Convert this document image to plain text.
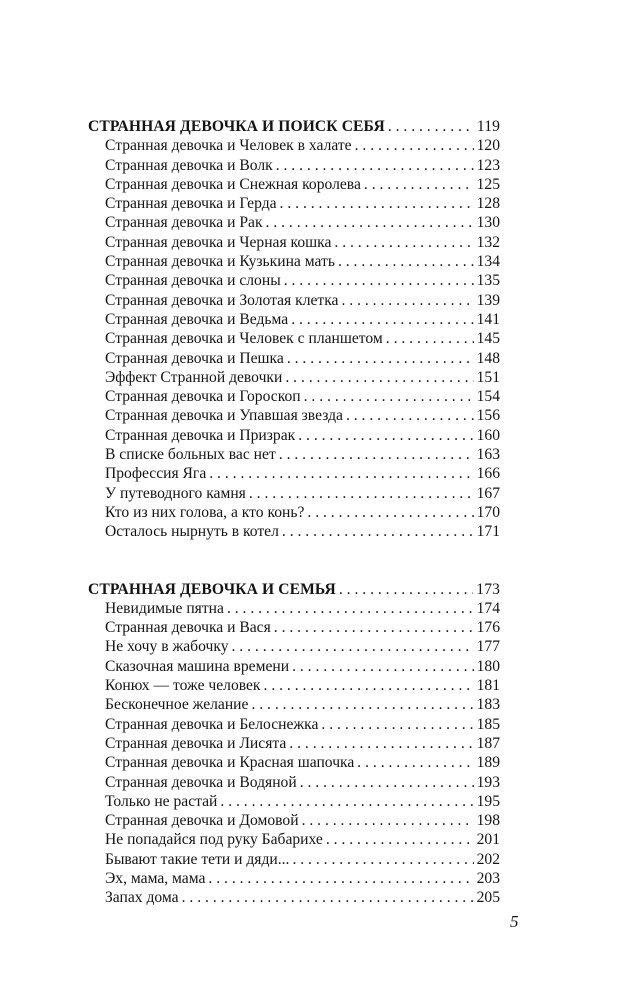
СТРАННАЯ ДЕВОЧКА И ПОИСК СЕБЯ . . .	119
Странная девочка и Человек в халате . . .	120
Странная девочка и Волк . . .	123
Странная девочка и Снежная королева . . .	125
Странная девочка и Герда . . .	128
Странная девочка и Рак . . .	130
Странная девочка и Черная кошка . . .	132
Странная девочка и Кузькина мать . . .	134
Странная девочка и слоны . . .	135
Странная девочка и Золотая клетка . . .	139
Странная девочка и Ведьма . . .	141
Странная девочка и Человек с планшетом . . .	145
Странная девочка и Пешка . . .	148
Эффект Странной девочки . . .	151
Странная девочка и Гороскоп . . .	154
Странная девочка и Упавшая звезда . . .	156
Странная девочка и Призрак . . .	160
В списке больных вас нет . . .	163
Профессия Яга . . .	166
У путеводного камня . . .	167
Кто из них голова, а кто конь? . . .	170
Осталось нырнуть в котел . . .	171
СТРАННАЯ ДЕВОЧКА И СЕМЬЯ . . .	173
Невидимые пятна . . .	174
Странная девочка и Вася . . .	176
Не хочу в жабочку . . .	177
Сказочная машина времени . . .	180
Конюх — тоже человек . . .	181
Бесконечное желание . . .	183
Странная девочка и Белоснежка . . .	185
Странная девочка и Лисята . . .	187
Странная девочка и Красная шапочка . . .	189
Странная девочка и Водяной . . .	193
Только не растай . . .	195
Странная девочка и Домовой . . .	198
Не попадайся под руку Бабарихе . . .	201
Бывают такие тети и дяди... . . .	202
Эх, мама, мама . . .	203
Запах дома . . .	205
5
